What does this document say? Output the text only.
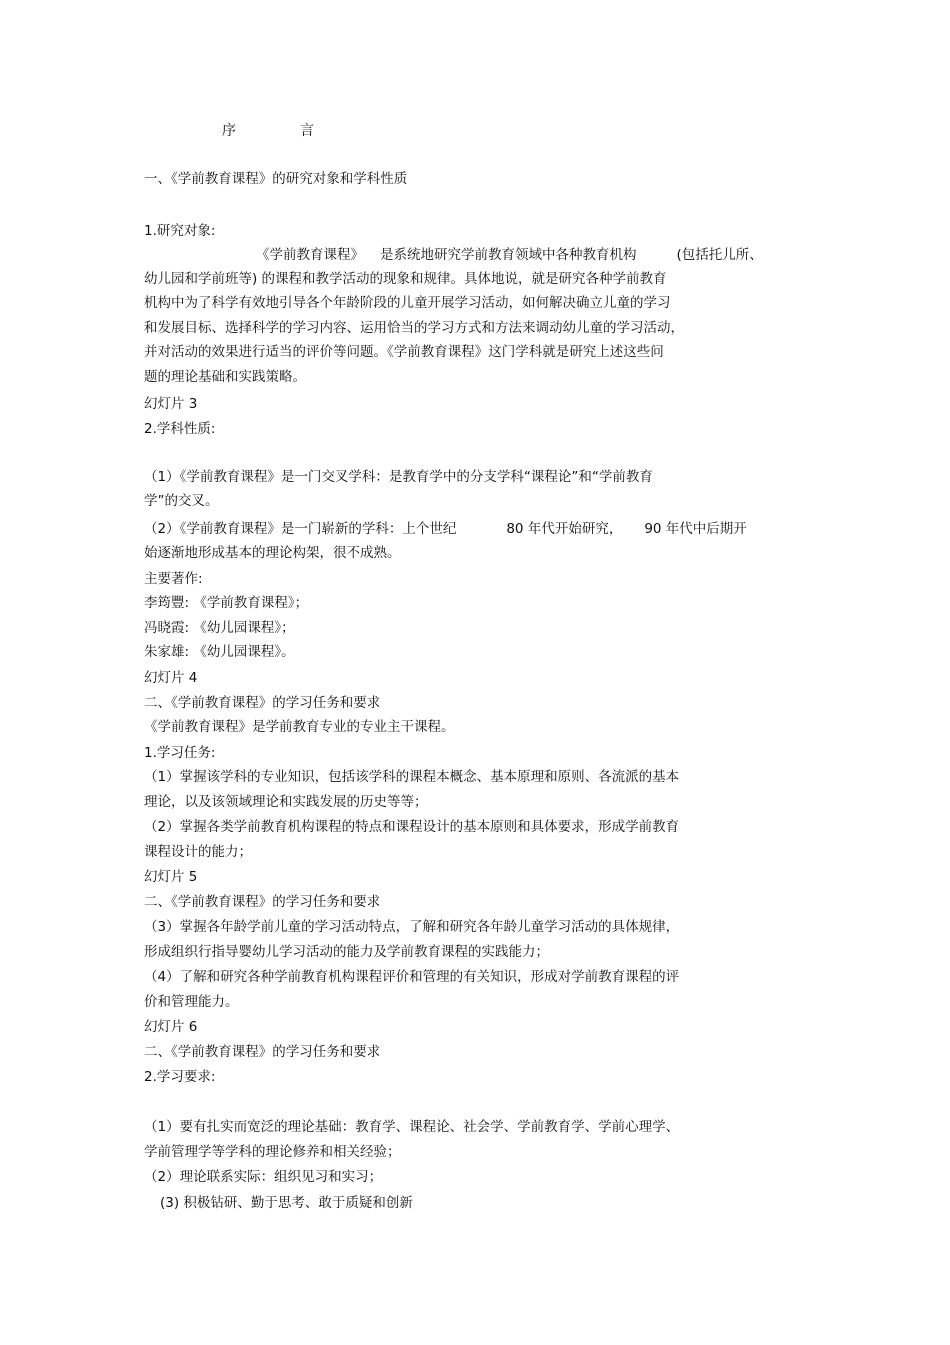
序	言
一、《学前教育课程》的研究对象和学科性质
1.研究对象:
《学前教育课程》 是系统地研究学前教育领域中各种教育机构	(包括托儿所、
幼儿园和学前班等) 的课程和教学活动的现象和规律。具体地说，就是研究各种学前教育
机构中为了科学有效地引导各个年龄阶段的儿童开展学习活动，如何解决确立儿童的学习
和发展目标、选择科学的学习内容、运用恰当的学习方式和方法来调动幼儿童的学习活动，
并对活动的效果进行适当的评价等问题。《学前教育课程》这门学科就是研究上述这些问
题的理论基础和实践策略。
幻灯片 3
2.学科性质:
（1）《学前教育课程》是一门交叉学科：是教育学中的分支学科“课程论”和“学前教育
学”的交叉。
（2）《学前教育课程》是一门崭新的学科：上个世纪	80 年代开始研究， 90 年代中后期开
始逐渐地形成基本的理论构架，很不成熟。
主要著作:
李筠豐: 《学前教育课程》；
冯晓霞: 《幼儿园课程》；
朱家雄: 《幼儿园课程》。
幻灯片 4
二、《学前教育课程》的学习任务和要求
《学前教育课程》是学前教育专业的专业主干课程。
1.学习任务:
（1）掌握该学科的专业知识，包括该学科的课程本概念、基本原理和原则、各流派的基本
理论，以及该领域理论和实践发展的历史等等；
（2）掌握各类学前教育机构课程的特点和课程设计的基本原则和具体要求，形成学前教育
课程设计的能力；
幻灯片 5
二、《学前教育课程》的学习任务和要求
（3）掌握各年龄学前儿童的学习活动特点，了解和研究各年龄儿童学习活动的具体规律，
形成组织行指导婴幼儿学习活动的能力及学前教育课程的实践能力；
（4）了解和研究各种学前教育机构课程评价和管理的有关知识，形成对学前教育课程的评
价和管理能力。
幻灯片 6
二、《学前教育课程》的学习任务和要求
2.学习要求:
（1）要有扎实而宽泛的理论基础：教育学、课程论、社会学、学前教育学、学前心理学、
学前管理学等学科的理论修养和相关经验；
（2）理论联系实际：组织见习和实习；
(3) 积极钻研、勤于思考、敢于质疑和创新
